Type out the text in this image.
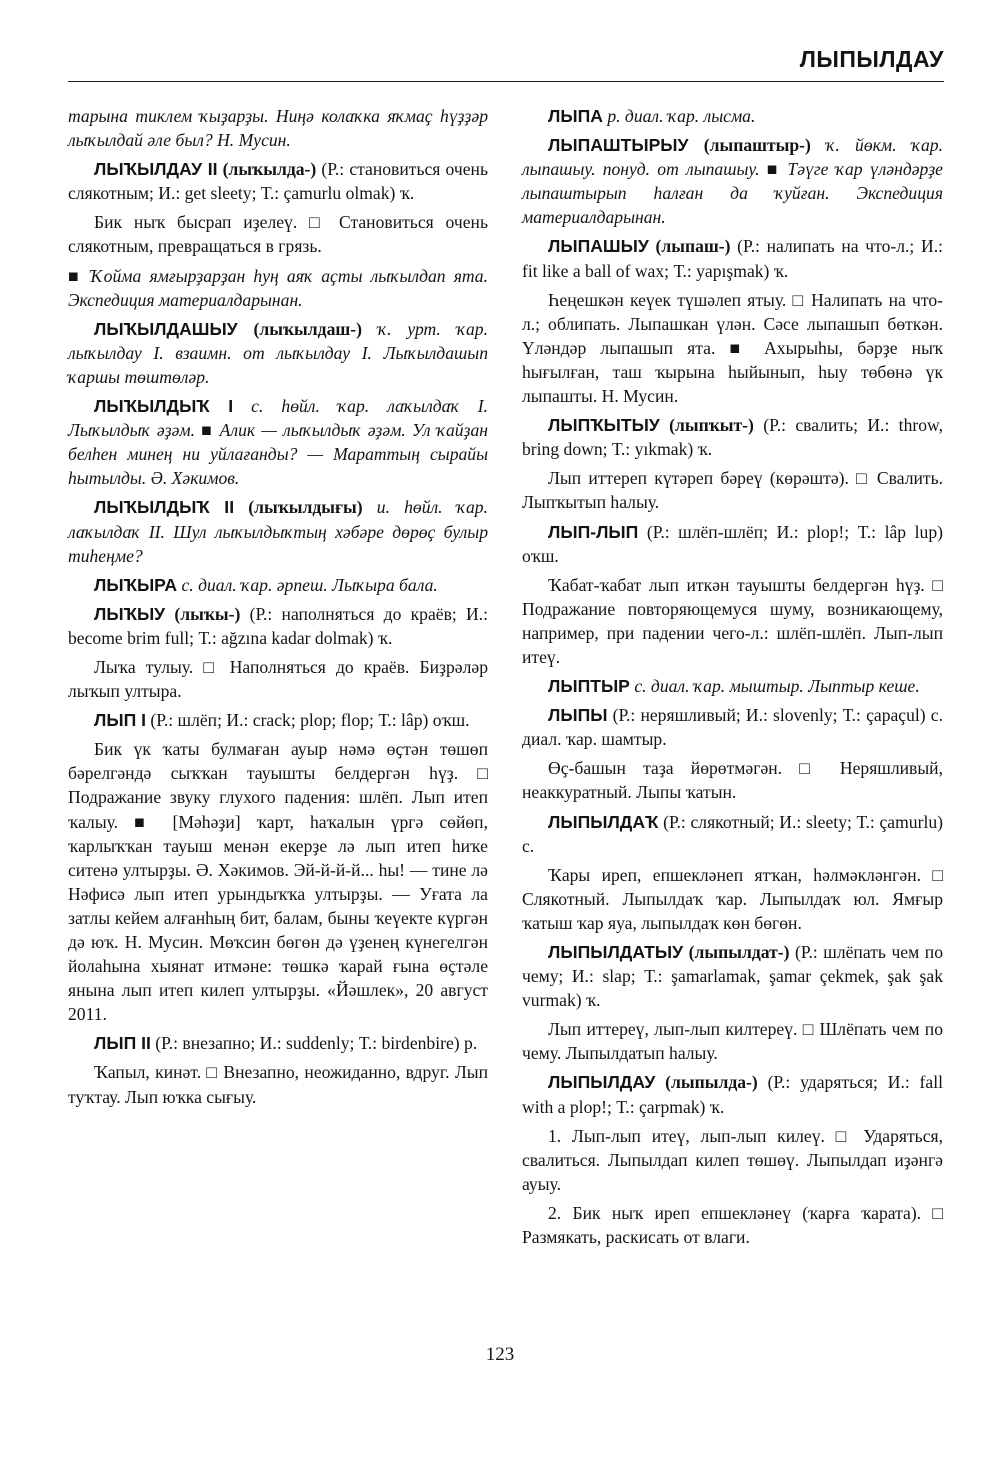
ЛЫПЫЛДАУ

тарына тиклем ҡыҙарҙы. Ниңә колаҡка яҡмаҫ һүҙҙәр лыҡылдай әле был? Н. Мусин.

ЛЫҠЫЛДАУ II (лыҡылда-) (Р.: становиться очень слякотным; И.: get sleety; Т.: çamurlu olmak) ҡ.

Бик ныҡ бысрап иҙелеү. □ Становиться очень слякотным, превращаться в грязь.

■ Ҡойма ямғырҙарҙан һуң аяҡ аҫты лыҡылдап ята. Экспедиция материалдарынан.

ЛЫҠЫЛДАШЫУ (лыҡылдаш-) ҡ. урт. ҡар. лыҡылдау I. взаимн. от лыҡылдау I. Лыҡылдашып ҡаршы төштөләр.

ЛЫҠЫЛДЫҠ I с. һөйл. ҡар. лаҡылдаҡ I. Лыҡылдыҡ әҙәм. ■ Алик — лыҡылдыҡ әҙәм. Ул ҡайҙан белһен минең ни уйлағанды? — Мараттың сырайы һытылды. Ә. Хәкимов.

ЛЫҠЫЛДЫҠ II (лыҡылдығы) и. һөйл. ҡар. лаҡылдаҡ II. Шул лыҡылдыҡтың хәбәре дөрөҫ булыр тиһеңме?

ЛЫҠЫРА с. диал. ҡар. әрпеш. Лыҡыра бала.

ЛЫҠЫУ (лыҡы-) (Р.: наполняться до краёв; И.: become brim full; Т.: ağzına kadar dolmak) ҡ.

Лыҡа тулыу. □ Наполняться до краёв. Биҙрәләр лыҡып ултыра.

ЛЫП I (Р.: шлёп; И.: crack; plop; flop; Т.: lâp) оҡш.

Бик үк ҡаты булмаған ауыр нәмә өҫтән төшөп бәрелгәндә сыҡҡан тауышты белдергән һүҙ. □ Подражание звуку глухого падения: шлёп. Лып итеп ҡалыу. ■ [Мәһәҙи] ҡарт, һаҡалын үргә сөйөп, ҡарлыҡҡан тауыш менән екерҙе лә лып итеп һиҡе ситенә ултырҙы. Ә. Хәкимов. Эй-й-й-й... һы! — тине лә Нәфисә лып итеп урындыҡҡа ултырҙы. — Уғата ла затлы кейем алғанһың бит, балам, быны ҡеүекте күргән дә юҡ. Н. Мусин. Мөҡсин бөгөн дә үҙенең күнегелгән йолаһына хыянат итмәне: төшкә ҡарай ғына өҫтәле янына лып итеп килеп ултырҙы. «Йәшлек», 20 август 2011.

ЛЫП II (Р.: внезапно; И.: suddenly; Т.: birdenbire) р.

Ҡапыл, кинәт. □ Внезапно, неожиданно, вдруг. Лып туҡтау. Лып юҡка сығыу.

ЛЫПА р. диал. ҡар. лысма.

ЛЫПАШТЫРЫУ (лыпаштыр-) ҡ. йөкм. ҡар. лыпашыу. понуд. от лыпашыу. ■ Тәүге ҡар үләндәрҙе лыпаштырып һалған да ҡуйған. Экспедиция материалдарынан.

ЛЫПАШЫУ (лыпаш-) (Р.: налипать на что-л.; И.: fit like a ball of wax; Т.: yapışmak) ҡ.

Һеңешкән кеүек түшәлеп ятыу. □ Налипать на что-л.; облипать. Лыпашкан үлән. Сәсе лыпашып бөткән. Үләндәр лыпашып ята. ■ Ахырыһы, бәрҙе ныҡ һығылған, таш ҡырына һыйынып, һыу төбөнә үк лыпашты. Н. Мусин.

ЛЫПҠЫТЫУ (лыпҡыт-) (Р.: свалить; И.: throw, bring down; Т.: yıkmak) ҡ.

Лып иттереп күтәреп бәреү (көрәштә). □ Свалить. Лыпҡытып һалыу.

ЛЫП-ЛЫП (Р.: шлёп-шлёп; И.: plop!; Т.: lâp lup) оҡш.

Ҡабат-ҡабат лып иткән тауышты белдергән һүҙ. □ Подражание повторяющемуся шуму, возникающему, например, при падении чего-л.: шлёп-шлёп. Лып-лып итеү.

ЛЫПТЫР с. диал. ҡар. мыштыр. Лыптыр кеше.

ЛЫПЫ (Р.: неряшливый; И.: slovenly; Т.: çapaçul) с. диал. ҡар. шамтыр.

Өҫ-башын таҙа йөрөтмәгән. □ Неряшливый, неаккуратный. Лыпы ҡатын.

ЛЫПЫЛДАҠ (Р.: слякотный; И.: sleety; Т.: çamurlu) с.

Ҡары иреп, епшекләнеп ятҡан, һәлмәкләнгән. □ Слякотный. Лыпылдаҡ ҡар. Лыпылдаҡ юл. Ямғыр ҡатыш ҡар яуа, лыпылдаҡ көн бөгөн.

ЛЫПЫЛДАТЫУ (лыпылдат-) (Р.: шлёпать чем по чему; И.: slap; Т.: şamarlamak, şamar çekmek, şak şak vurmak) ҡ.

Лып иттереү, лып-лып килтереү. □ Шлёпать чем по чему. Лыпылдатып һалыу.

ЛЫПЫЛДАУ (лыпылда-) (Р.: ударяться; И.: fall with a plop!; Т.: çarpmak) ҡ.

1. Лып-лып итеү, лып-лып килеү. □ Ударяться, свалиться. Лыпылдап килеп төшөү. Лыпылдап иҙәнгә ауыу.

2. Бик ныҡ иреп епшекләнеү (ҡарға ҡарата). □ Размякать, раскисать от влаги.

123
